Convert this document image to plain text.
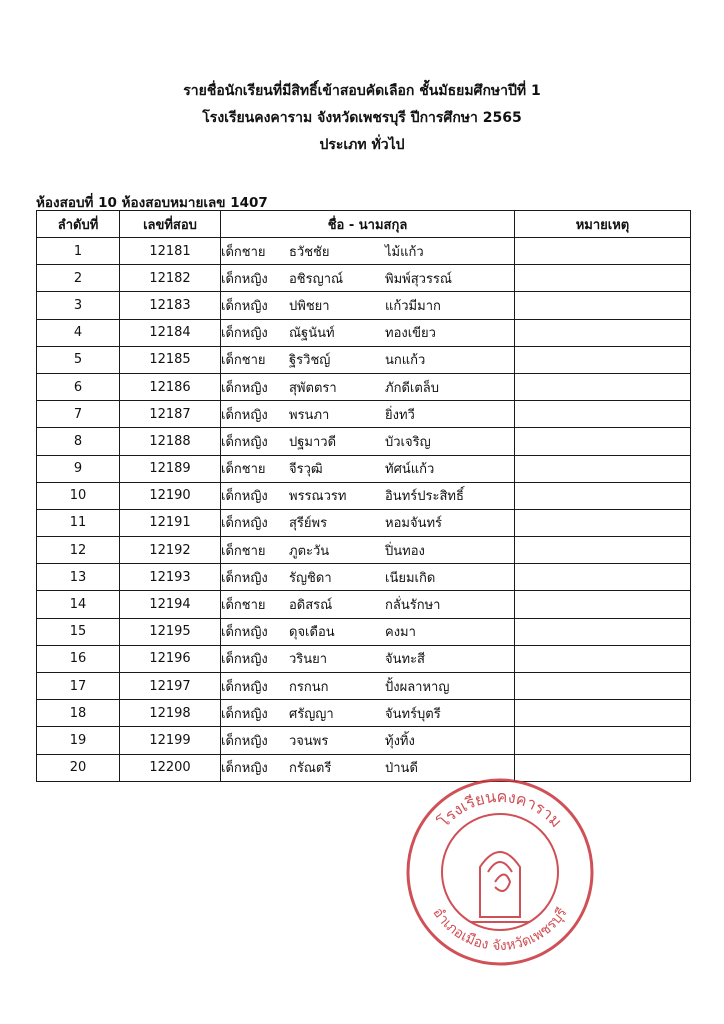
รายชื่อนักเรียนที่มีสิทธิ์เข้าสอบคัดเลือก ชั้นมัธยมศึกษาปีที่ 1
โรงเรียนคงคาราม จังหวัดเพชรบุรี ปีการศึกษา 2565
ประเภท ทั่วไป
ห้องสอบที่ 10 ห้องสอบหมายเลข 1407
ลำดับที่	เลขที่สอบ	ชื่อ - นามสกุล	หมายเหตุ
1	12181	เด็กชาย ธวัชชัย ไม้แก้ว	
2	12182	เด็กหญิง อชิรญาณ์ พิมพ์สุวรรณ์	
3	12183	เด็กหญิง ปพิชยา แก้วมีมาก	
4	12184	เด็กหญิง ณัฐนันท์ ทองเขียว	
5	12185	เด็กชาย ฐิรวิชญ์ นกแก้ว	
6	12186	เด็กหญิง สุพัตตรา ภักดีเตล็บ	
7	12187	เด็กหญิง พรนภา ยิ่งทวี	
8	12188	เด็กหญิง ปฐมาวดี บัวเจริญ	
9	12189	เด็กชาย จีรวุฒิ ทัศน์แก้ว	
10	12190	เด็กหญิง พรรณวรท อินทร์ประสิทธิ์	
11	12191	เด็กหญิง สุรีย์พร หอมจันทร์	
12	12192	เด็กชาย ภูตะวัน ปิ่นทอง	
13	12193	เด็กหญิง รัญชิดา เนียมเกิด	
14	12194	เด็กชาย อดิสรณ์ กลั่นรักษา	
15	12195	เด็กหญิง ดุจเดือน คงมา	
16	12196	เด็กหญิง วรินยา จันทะสี	
17	12197	เด็กหญิง กรกนก ปั้งผลาหาญ	
18	12198	เด็กหญิง ศรัญญา จันทร์บุตรี	
19	12199	เด็กหญิง วจนพร ทุ้งทิ้ง	
20	12200	เด็กหญิง กรัณตรี ป่านดี	
โรงเรียนคงคาราม
อำเภอเมือง จังหวัดเพชรบุรี
